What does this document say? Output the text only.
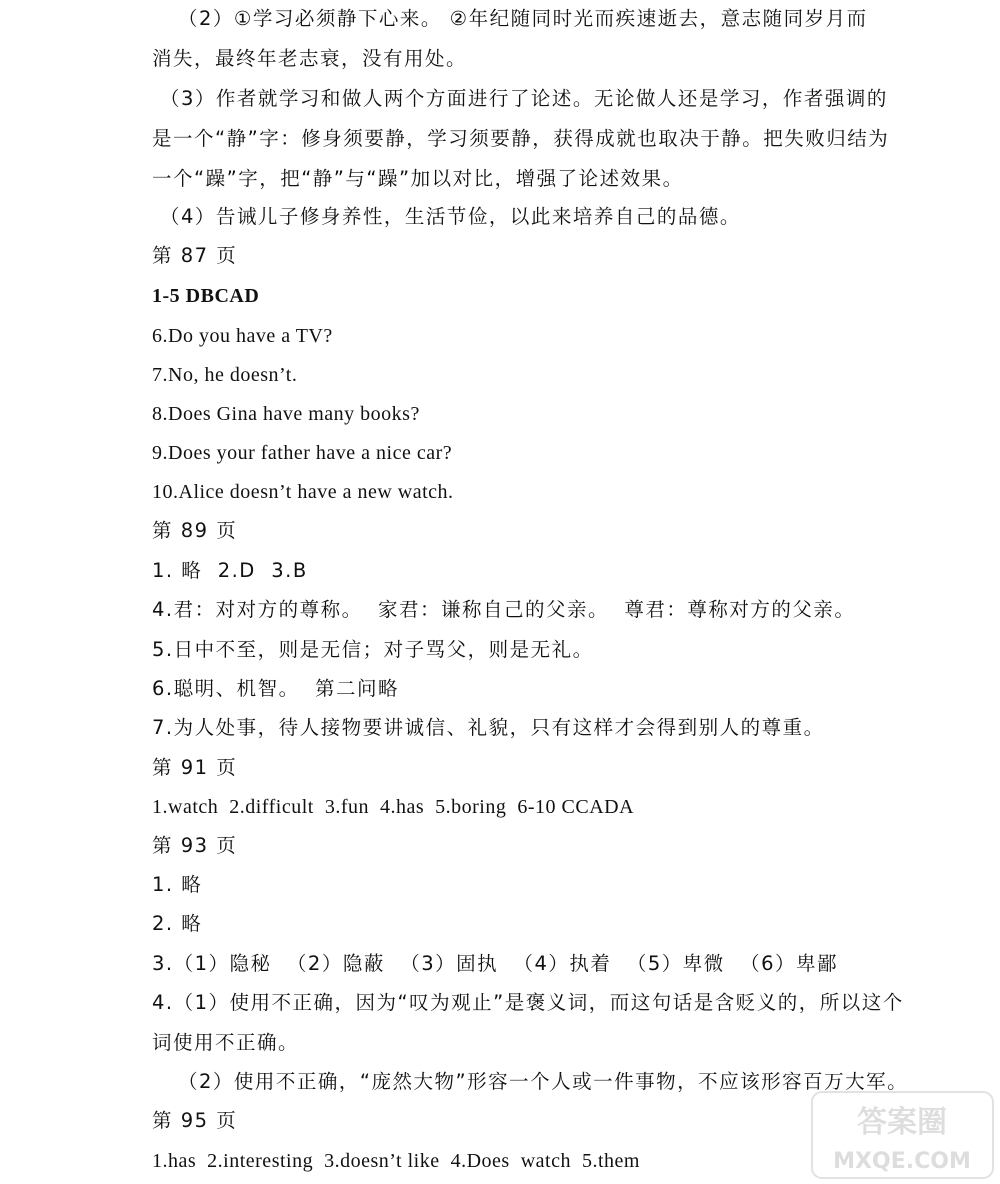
（2）①学习必须静下心来。 ②年纪随同时光而疾速逝去，意志随同岁月而
消失，最终年老志衰，没有用处。
（3）作者就学习和做人两个方面进行了论述。无论做人还是学习，作者强调的
是一个“静”字：修身须要静，学习须要静，获得成就也取决于静。把失败归结为
一个“躁”字，把“静”与“躁”加以对比，增强了论述效果。
（4）告诫儿子修身养性，生活节俭，以此来培养自己的品德。
第 87 页
1-5 DBCAD
6.Do you have a TV?
7.No, he doesn’t.
8.Does Gina have many books?
9.Does your father have a nice car?
10.Alice doesn’t have a new watch.
第 89 页
1. 略  2.D  3.B
4.君：对对方的尊称。  家君：谦称自己的父亲。  尊君：尊称对方的父亲。
5.日中不至，则是无信；对子骂父，则是无礼。
6.聪明、机智。  第二问略
7.为人处事，待人接物要讲诚信、礼貌，只有这样才会得到别人的尊重。
第 91 页
1.watch  2.difficult  3.fun  4.has  5.boring  6-10 CCADA
第 93 页
1. 略
2. 略
3.（1）隐秘  （2）隐蔽  （3）固执  （4）执着  （5）卑微  （6）卑鄙
4.（1）使用不正确，因为“叹为观止”是褒义词，而这句话是含贬义的，所以这个
词使用不正确。
（2）使用不正确，“庞然大物”形容一个人或一件事物，不应该形容百万大军。
第 95 页
1.has  2.interesting  3.doesn’t like  4.Does  watch  5.them
答案圈
MXQE.COM
